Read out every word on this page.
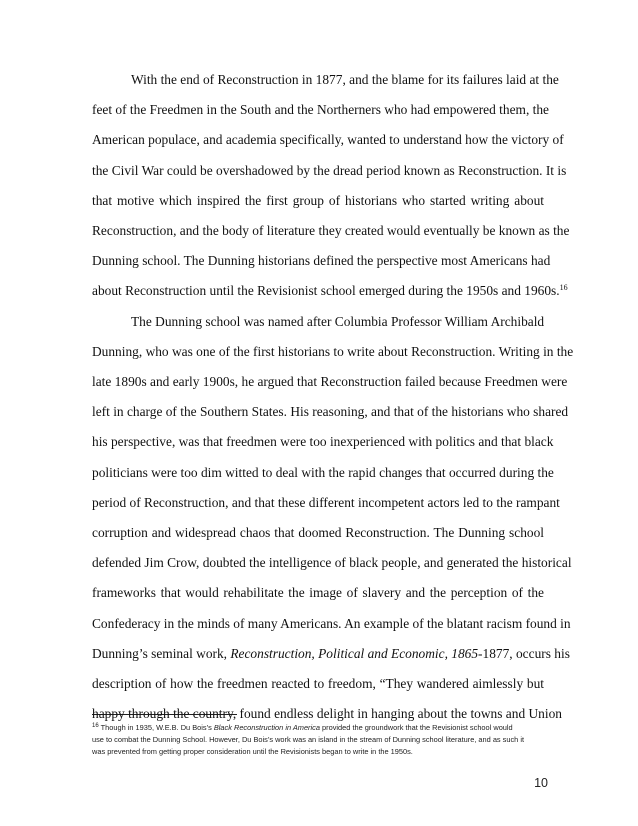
With the end of Reconstruction in 1877, and the blame for its failures laid at the
feet of the Freedmen in the South and the Northerners who had empowered them, the
American populace, and academia specifically, wanted to understand how the victory of
the Civil War could be overshadowed by the dread period known as Reconstruction. It is
that motive which inspired the first group of historians who started writing about
Reconstruction, and the body of literature they created would eventually be known as the
Dunning school. The Dunning historians defined the perspective most Americans had
about Reconstruction until the Revisionist school emerged during the 1950s and 1960s.$^{16}$
The Dunning school was named after Columbia Professor William Archibald
Dunning, who was one of the first historians to write about Reconstruction. Writing in the
late 1890s and early 1900s, he argued that Reconstruction failed because Freedmen were
left in charge of the Southern States. His reasoning, and that of the historians who shared
his perspective, was that freedmen were too inexperienced with politics and that black
politicians were too dim witted to deal with the rapid changes that occurred during the
period of Reconstruction, and that these different incompetent actors led to the rampant
corruption and widespread chaos that doomed Reconstruction. The Dunning school
defended Jim Crow, doubted the intelligence of black people, and generated the historical
frameworks that would rehabilitate the image of slavery and the perception of the
Confederacy in the minds of many Americans. An example of the blatant racism found in
Dunning’s seminal work, Reconstruction, Political and Economic, 1865-1877, occurs his
description of how the freedmen reacted to freedom, “They wandered aimlessly but
$^{16}$ Though in 1935, W.E.B. Du Bois’s Black Reconstruction in America provided the groundwork that the Revisionist school would
use to combat the Dunning School. However, Du Bois’s work was an island in the stream of Dunning school literature, and as such it
was prevented from getting proper consideration until the Revisionists began to write in the 1950s.
10
happy through the country, found endless delight in hanging about the towns and Union
